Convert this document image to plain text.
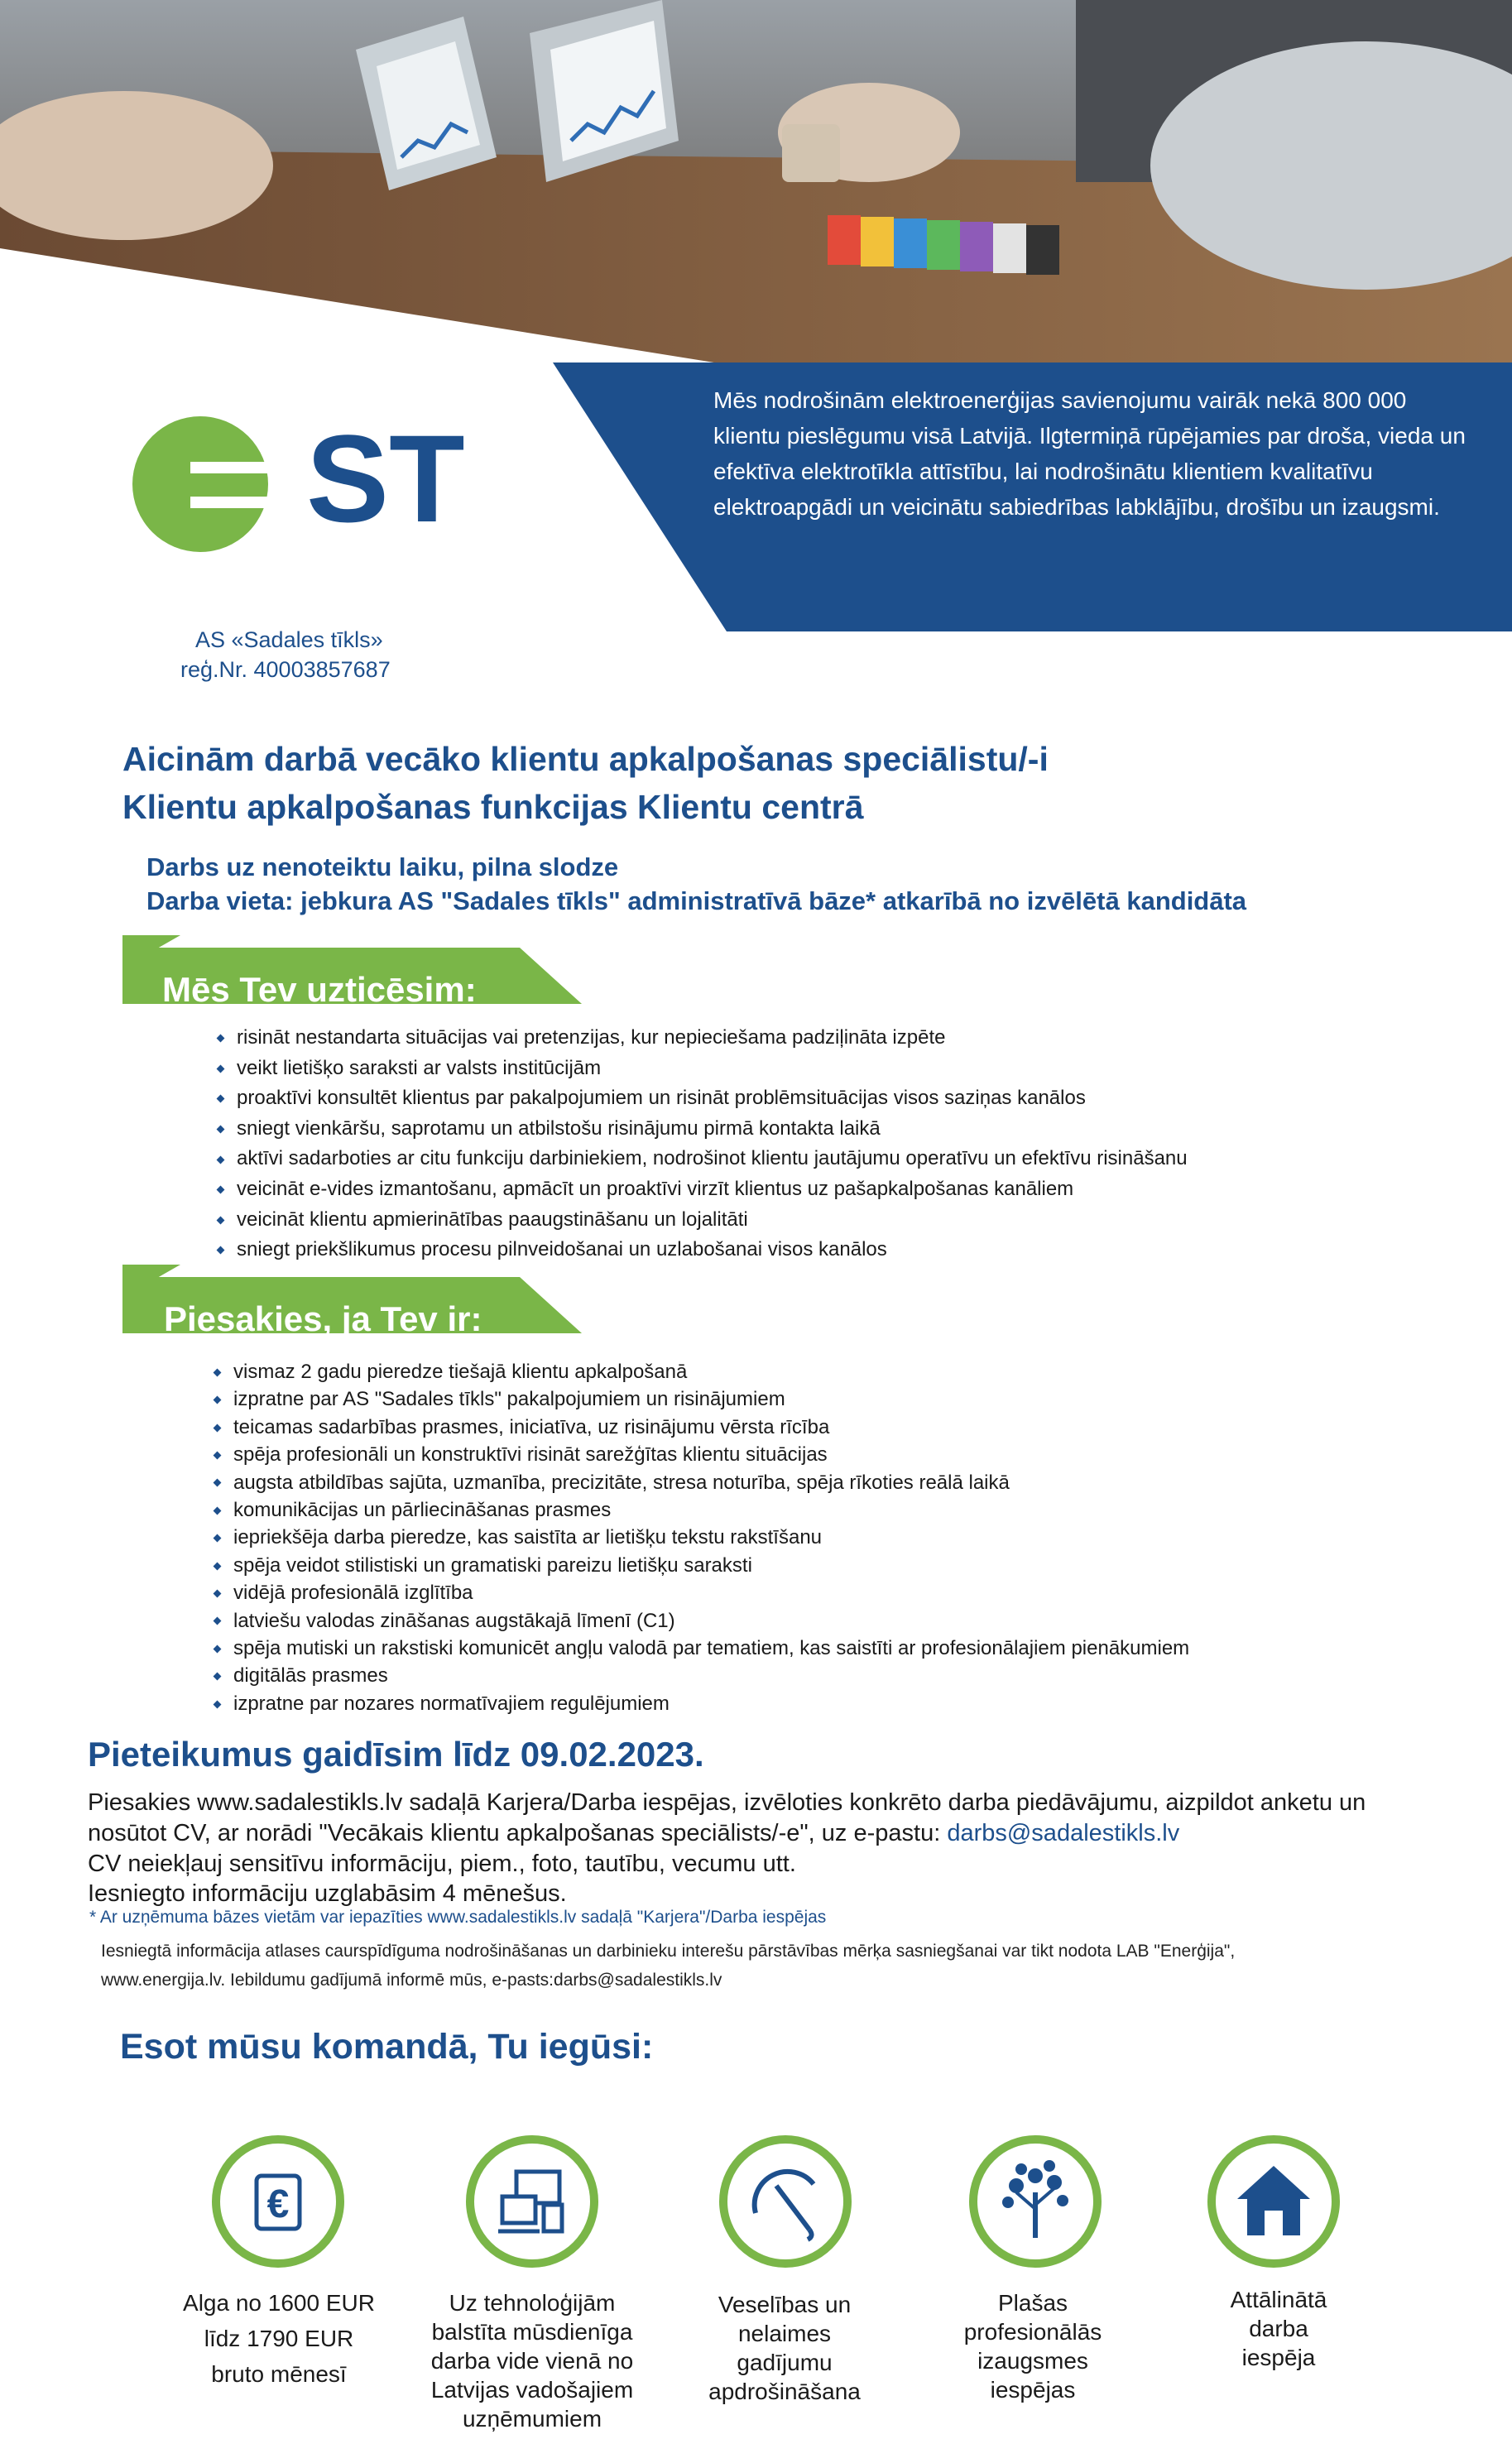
Mēs nodrošinām elektroenerģijas savienojumu vairāk nekā 800 000 klientu pieslēgumu visā Latvijā. Ilgtermiņā rūpējamies par droša, vieda un efektīva elektrotīkla attīstību, lai nodrošinātu klientiem kvalitatīvu elektroapgādi un veicinātu sabiedrības labklājību, drošību un izaugsmi.
ST
AS «Sadales tīkls»
reģ.Nr. 40003857687
Aicinām darbā vecāko klientu apkalpošanas speciālistu/-i
Klientu apkalpošanas funkcijas Klientu centrā
Darbs uz nenoteiktu laiku, pilna slodze
Darba vieta: jebkura AS "Sadales tīkls" administratīvā bāze* atkarībā no izvēlētā kandidāta
Mēs Tev uzticēsim:
risināt nestandarta situācijas vai pretenzijas, kur nepieciešama padziļināta izpēte
veikt lietišķo saraksti ar valsts institūcijām
proaktīvi konsultēt klientus par pakalpojumiem un risināt problēmsituācijas visos saziņas kanālos
sniegt vienkāršu, saprotamu un atbilstošu risinājumu pirmā kontakta laikā
aktīvi sadarboties ar citu funkciju darbiniekiem, nodrošinot klientu jautājumu operatīvu un efektīvu risināšanu
veicināt e-vides izmantošanu, apmācīt un proaktīvi virzīt klientus uz pašapkalpošanas kanāliem
veicināt klientu apmierinātības paaugstināšanu un lojalitāti
sniegt priekšlikumus procesu pilnveidošanai un uzlabošanai visos kanālos
Piesakies, ja Tev ir:
vismaz 2 gadu pieredze tiešajā klientu apkalpošanā
izpratne par AS "Sadales tīkls" pakalpojumiem un risinājumiem
teicamas sadarbības prasmes, iniciatīva, uz risinājumu vērsta rīcība
spēja profesionāli un konstruktīvi risināt sarežģītas klientu situācijas
augsta atbildības sajūta, uzmanība, precizitāte, stresa noturība, spēja rīkoties reālā laikā
komunikācijas un pārliecināšanas prasmes
iepriekšēja darba pieredze, kas saistīta ar lietišķu tekstu rakstīšanu
spēja veidot stilistiski un gramatiski pareizu lietišķu saraksti
vidējā profesionālā izglītība
latviešu valodas zināšanas augstākajā līmenī (C1)
spēja mutiski un rakstiski komunicēt angļu valodā par tematiem, kas saistīti ar profesionālajiem pienākumiem
digitālās prasmes
izpratne par nozares normatīvajiem regulējumiem
Pieteikumus gaidīsim līdz 09.02.2023.
Piesakies www.sadalestikls.lv sadaļā Karjera/Darba iespējas, izvēloties konkrēto darba piedāvājumu, aizpildot anketu un
nosūtot CV, ar norādi "Vecākais klientu apkalpošanas speciālists/-e", uz e-pastu: darbs@sadalestikls.lv
CV neiekļauj sensitīvu informāciju, piem., foto, tautību, vecumu utt.
Iesniegto informāciju uzglabāsim 4 mēnešus.
* Ar uzņēmuma bāzes vietām var iepazīties www.sadalestikls.lv sadaļā "Karjera"/Darba iespējas
Iesniegtā informācija atlases caurspīdīguma nodrošināšanas un darbinieku interešu pārstāvības mērķa sasniegšanai var tikt nodota LAB "Enerģija",
www.energija.lv. Iebildumu gadījumā informē mūs, e-pasts:darbs@sadalestikls.lv
Esot mūsu komandā, Tu iegūsi:
€
Alga no 1600 EUR
līdz 1790 EUR
bruto mēnesī
Uz tehnoloģijām
balstīta mūsdienīga
darba vide vienā no
Latvijas vadošajiem
uzņēmumiem
Veselības un
nelaimes
gadījumu
apdrošināšana
Plašas
profesionālās
izaugsmes
iespējas
Attālinātā
darba
iespēja
